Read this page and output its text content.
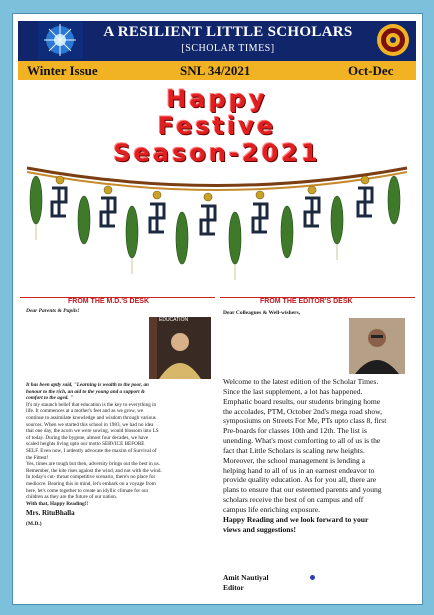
A RESILIENT LITTLE SCHOLARS
[SCHOLAR TIMES]
Winter Issue	SNL 34/2021	Oct-Dec
Happy
Festive
Season-2021
FROM THE M.D.'S DESK	FROM THE EDITOR'S DESK
Dear Parents & Pupils!
EDUCATION
It has been aptly said, "Learning is wealth to the poor, an
honour to the rich, an aid to the young and a support &
comfort to the aged. "
It's my staunch belief that education is the key to everything in
life. It commences at a mother's feet and as we grow, we
continue to assimilate knowledge and wisdom through various
sources. When we started this school in 1983, we had no idea
that one day, the acorn we were sowing, would blossom into LS
of today. During the bygone, almost four decades, we have
scaled heights living upto our motto SERVICE BEFORE
SELF. Even now, I ardently advocate the maxim of Survival of
the Fittest!
Yes, times are tough but then, adversity brings out the best in us.
Remember, the kite rises against the wind, and not with the wind.
In today's cut- throat competitive scenario, there's no place for
mediocre. Bearing this in mind, let's embark on a voyage from
here, let's come together to create an idyllic climate for our
children as they are the future of our nation.
With that, Happy Reading!!
Mrs. RituBhalla
(M.D.)
Dear Colleagues & Well-wishers,
Welcome to the latest edition of the Scholar Times.
Since the last supplement, a lot has happened.
Emphatic board results, our students bringing home
the accolades, PTM, October 2nd's mega road show,
symposiums on Streets For Me, PTs upto class 8, first
Pre-boards for classes 10th and 12th. The list is
unending. What's most comforting to all of us is the
fact that Little Scholars is scaling new heights.
Moreover, the school management is lending a
helping hand to all of us in an earnest endeavor to
provide quality education. As for you all, there are
plans to ensure that our esteemed parents and young
scholars receive the best of on campus and off
campus life enriching exposure.
Happy Reading and we look forward to your
views and suggestions!
Amit Nautiyal
Editor
